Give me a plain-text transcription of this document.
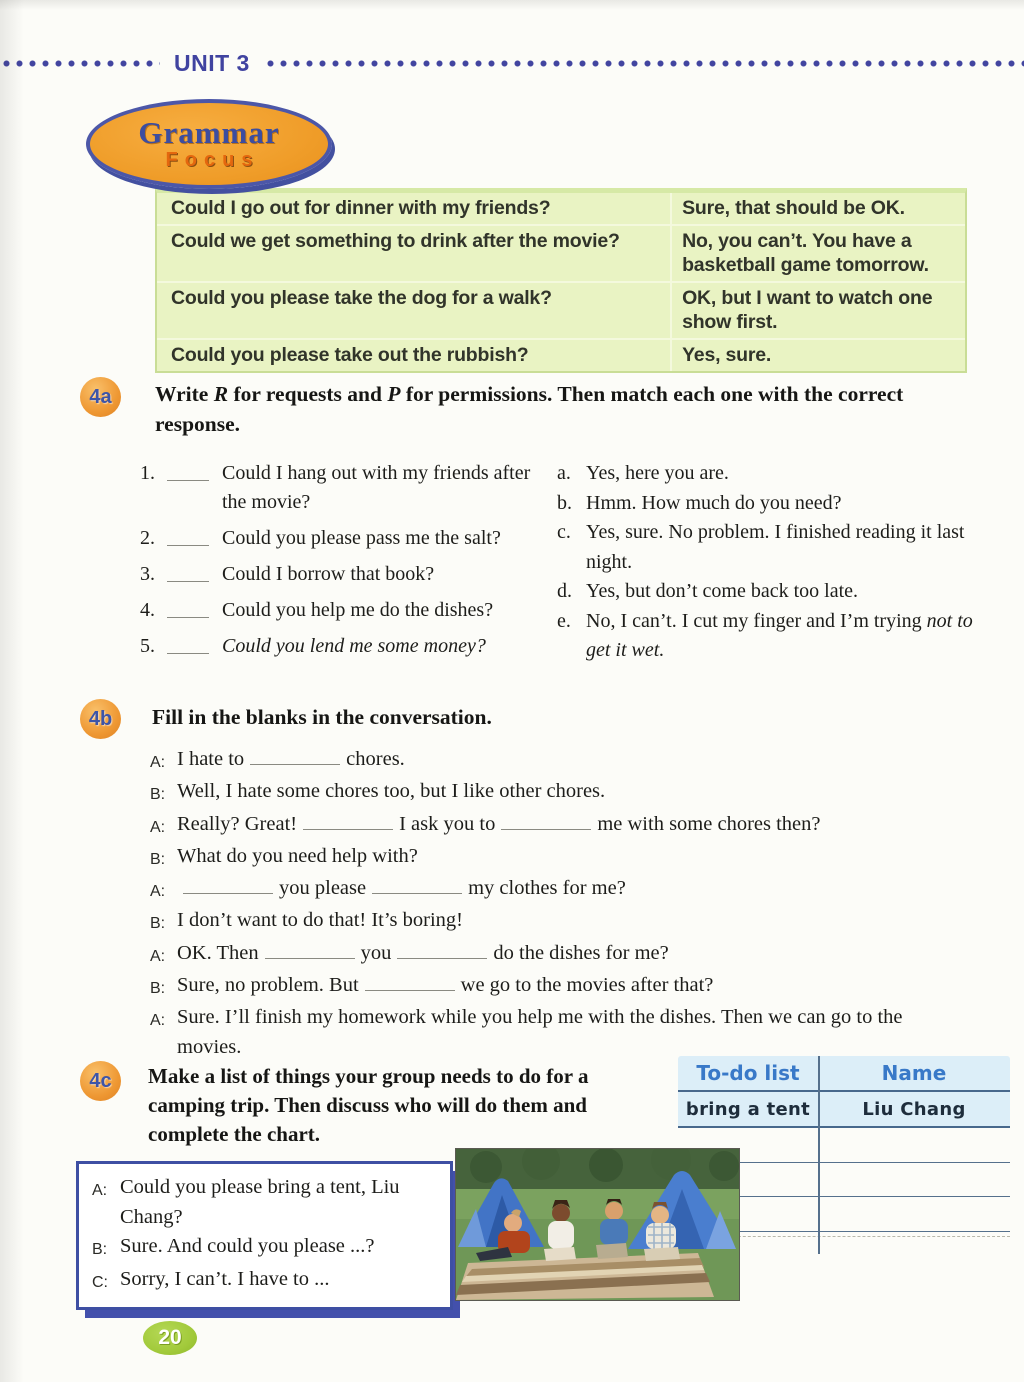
UNIT 3
Grammar
Focus
Could I go out for dinner with my friends?	Sure, that should be OK.
Could we get something to drink after the movie?	No, you can’t. You have a basketball game tomorrow.
Could you please take the dog for a walk?	OK, but I want to watch one show first.
Could you please take out the rubbish?	Yes, sure.
4a	Write R for requests and P for permissions. Then match each one with the correct response.
1.	Could I hang out with my friends after the movie?
2.	Could you please pass me the salt?
3.	Could I borrow that book?
4.	Could you help me do the dishes?
5.	Could you lend me some money?
a. Yes, here you are.
b. Hmm. How much do you need?
c. Yes, sure. No problem. I finished reading it last night.
d. Yes, but don’t come back too late.
e. No, I can’t. I cut my finger and I’m trying not to get it wet.
4b	Fill in the blanks in the conversation.
A: I hate to	chores.
B: Well, I hate some chores too, but I like other chores.
A: Really? Great!	I ask you to	me with some chores then?
B: What do you need help with?
A:	you please	my clothes for me?
B: I don’t want to do that! It’s boring!
A: OK. Then	you	do the dishes for me?
B: Sure, no problem. But	we go to the movies after that?
A: Sure. I’ll finish my homework while you help me with the dishes. Then we can go to the movies.
4c	Make a list of things your group needs to do for a camping trip. Then discuss who will do them and complete the chart.
To-do list	Name
bring a tent	Liu Chang
A: Could you please bring a tent, Liu Chang?
B: Sure. And could you please ...?
C: Sorry, I can’t. I have to ...
20
